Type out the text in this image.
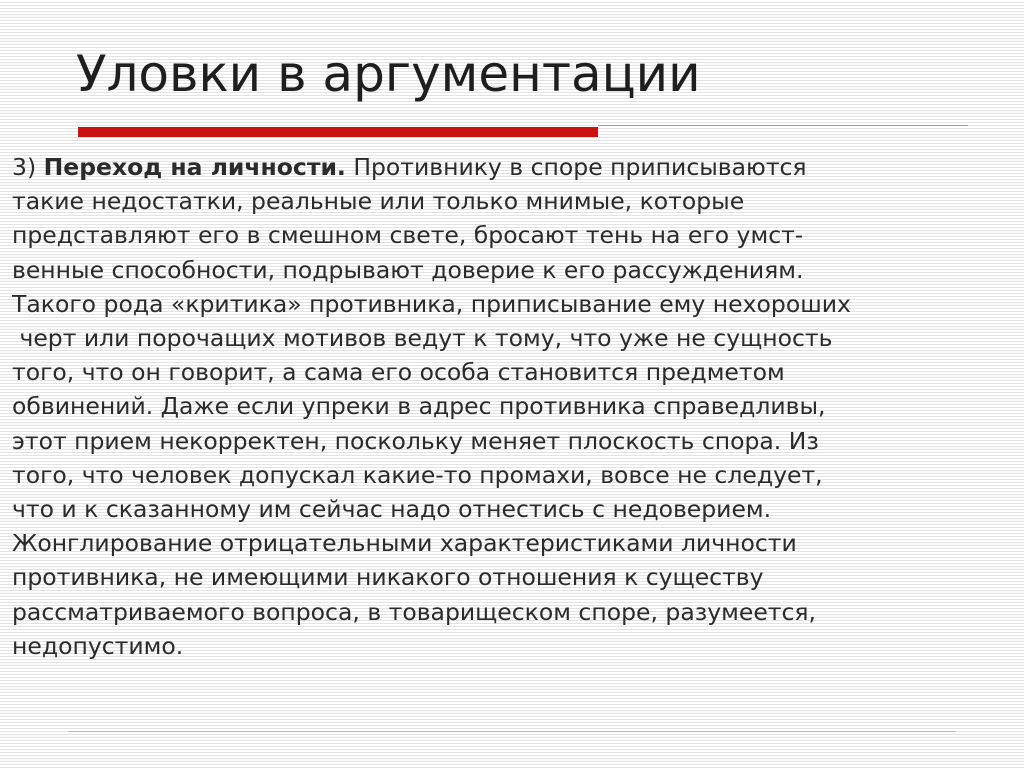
Уловки в аргументации
3) Переход на личности. Противнику в споре приписываются
такие недостатки, реальные или только мнимые, которые
представляют его в смешном свете, бросают тень на его умст-
венные способности, подрывают доверие к его рассуждениям.
Такого рода «критика» противника, приписывание ему нехороших
черт или порочащих мотивов ведут к тому, что уже не сущность
того, что он говорит, а сама его особа становится предметом
обвинений. Даже если упреки в адрес противника справедливы,
этот прием некорректен, поскольку меняет плоскость спора. Из
того, что человек допускал какие-то промахи, вовсе не следует,
что и к сказанному им сейчас надо отнестись с недоверием.
Жонглирование отрицательными характеристиками личности
противника, не имеющими никакого отношения к существу
рассматриваемого вопроса, в товарищеском споре, разумеется,
недопустимо.
